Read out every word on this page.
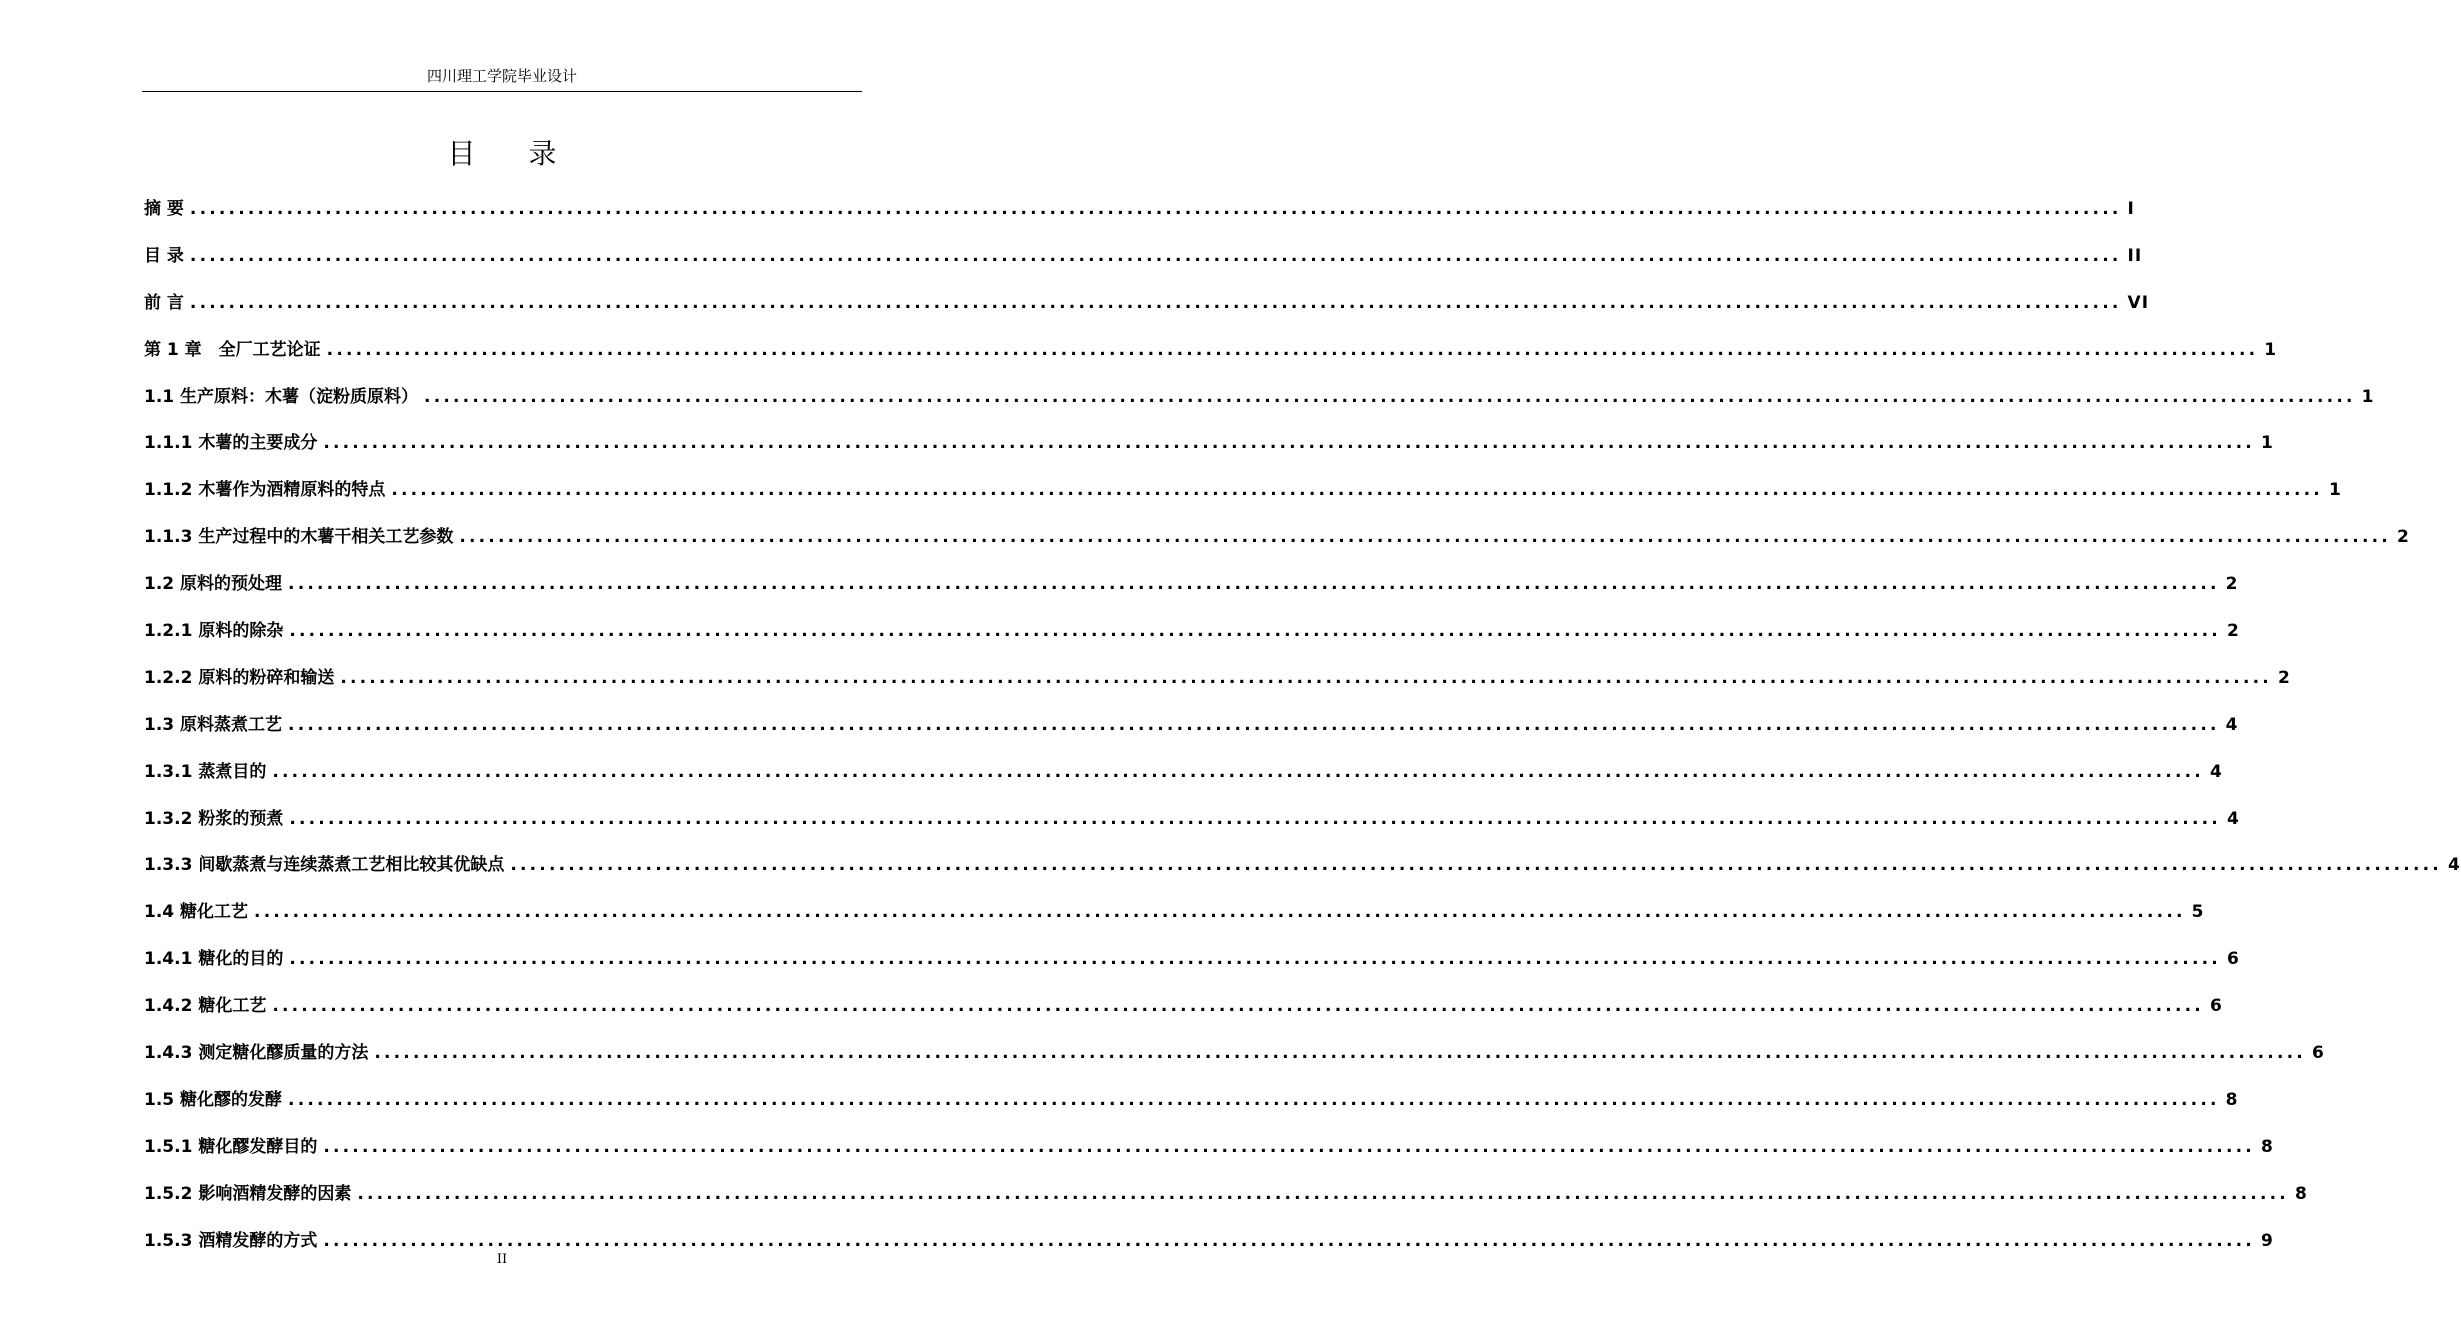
四川理工学院毕业设计
目 录
摘 要 ........................................................................................................................................................................................................ I
目 录 ........................................................................................................................................................................................................ II
前 言 ........................................................................................................................................................................................................ VI
第 1 章　全厂工艺论证 ........................................................................................................................................................................................................ 1
1.1 生产原料：木薯（淀粉质原料） ........................................................................................................................................................................................................ 1
1.1.1 木薯的主要成分 ........................................................................................................................................................................................................ 1
1.1.2 木薯作为酒精原料的特点 ........................................................................................................................................................................................................ 1
1.1.3 生产过程中的木薯干相关工艺参数 ........................................................................................................................................................................................................ 2
1.2 原料的预处理 ........................................................................................................................................................................................................ 2
1.2.1 原料的除杂 ........................................................................................................................................................................................................ 2
1.2.2 原料的粉碎和输送 ........................................................................................................................................................................................................ 2
1.3 原料蒸煮工艺 ........................................................................................................................................................................................................ 4
1.3.1 蒸煮目的 ........................................................................................................................................................................................................ 4
1.3.2 粉浆的预煮 ........................................................................................................................................................................................................ 4
1.3.3 间歇蒸煮与连续蒸煮工艺相比较其优缺点 ........................................................................................................................................................................................................ 4
1.4 糖化工艺 ........................................................................................................................................................................................................ 5
1.4.1 糖化的目的 ........................................................................................................................................................................................................ 6
1.4.2 糖化工艺 ........................................................................................................................................................................................................ 6
1.4.3 测定糖化醪质量的方法 ........................................................................................................................................................................................................ 6
1.5 糖化醪的发酵 ........................................................................................................................................................................................................ 8
1.5.1 糖化醪发酵目的 ........................................................................................................................................................................................................ 8
1.5.2 影响酒精发酵的因素 ........................................................................................................................................................................................................ 8
1.5.3 酒精发酵的方式 ........................................................................................................................................................................................................ 9
II
